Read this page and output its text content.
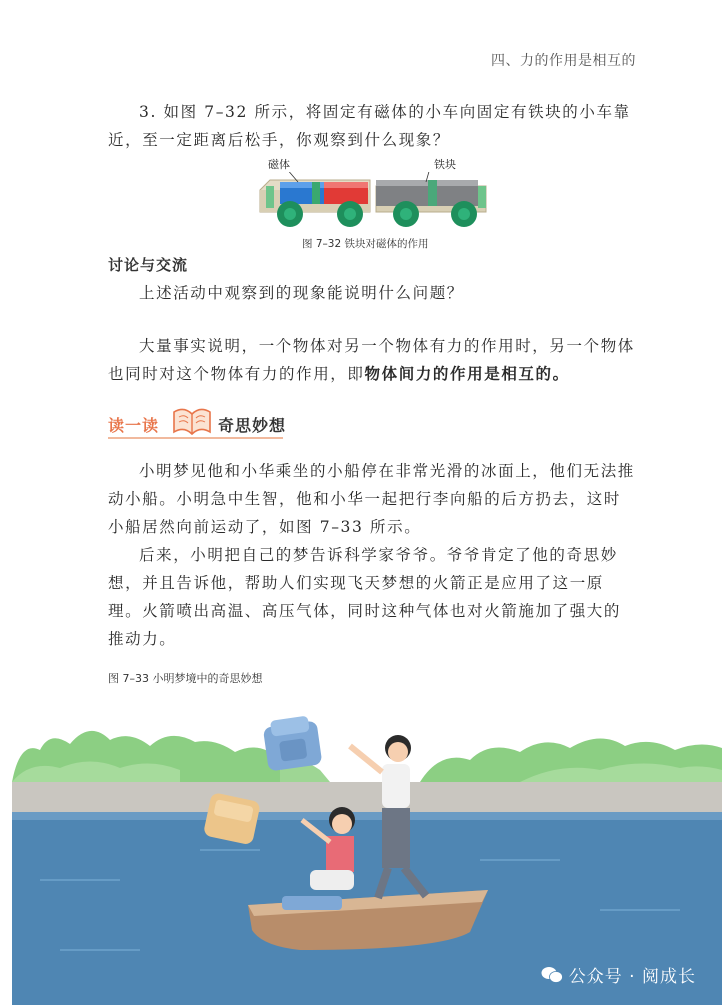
四、力的作用是相互的

3. 如图 7–32 所示，将固定有磁体的小车向固定有铁块的小车靠近，至一定距离后松手，你观察到什么现象？

磁体	铁块
图 7–32 铁块对磁体的作用
讨论与交流

上述活动中观察到的现象能说明什么问题？

大量事实说明，一个物体对另一个物体有力的作用时，另一个物体也同时对这个物体有力的作用，即物体间力的作用是相互的。

读一读	奇思妙想

小明梦见他和小华乘坐的小船停在非常光滑的冰面上，他们无法推动小船。小明急中生智，他和小华一起把行李向船的后方扔去，这时小船居然向前运动了，如图 7–33 所示。

后来，小明把自己的梦告诉科学家爷爷。爷爷肯定了他的奇思妙想，并且告诉他，帮助人们实现飞天梦想的火箭正是应用了这一原理。火箭喷出高温、高压气体，同时这种气体也对火箭施加了强大的推动力。

图 7–33 小明梦境中的奇思妙想
公众号 · 阅成长
